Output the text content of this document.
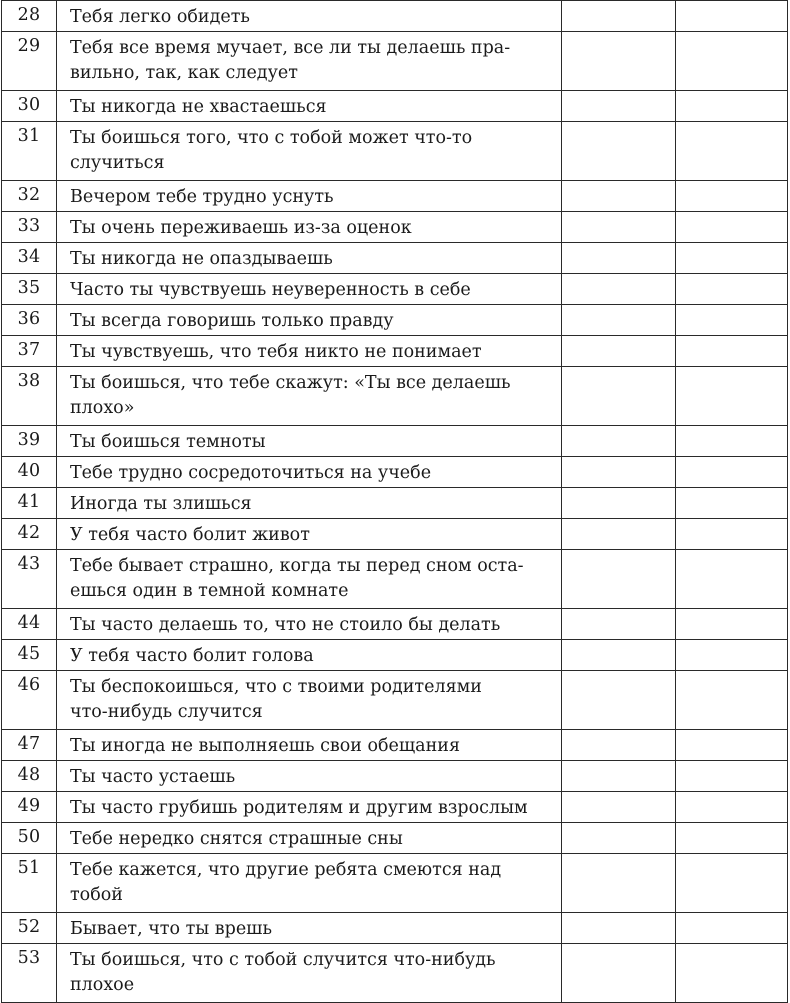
28	Тебя легко обидеть		

29	Тебя все время мучает, все ли ты делаешь пра-
вильно, так, как следует		

30	Ты никогда не хвастаешься		

31	Ты боишься того, что с тобой может что-то
случиться		

32	Вечером тебе трудно уснуть		

33	Ты очень переживаешь из-за оценок		

34	Ты никогда не опаздываешь		

35	Часто ты чувствуешь неуверенность в себе		

36	Ты всегда говоришь только правду		

37	Ты чувствуешь, что тебя никто не понимает		

38	Ты боишься, что тебе скажут: «Ты все делаешь
плохо»		

39	Ты боишься темноты		

40	Тебе трудно сосредоточиться на учебе		

41	Иногда ты злишься		

42	У тебя часто болит живот		

43	Тебе бывает страшно, когда ты перед сном оста-
ешься один в темной комнате		

44	Ты часто делаешь то, что не стоило бы делать		

45	У тебя часто болит голова		

46	Ты беспокоишься, что с твоими родителями
что-нибудь случится		

47	Ты иногда не выполняешь свои обещания		

48	Ты часто устаешь		

49	Ты часто грубишь родителям и другим взрослым		

50	Тебе нередко снятся страшные сны		

51	Тебе кажется, что другие ребята смеются над
тобой		

52	Бывает, что ты врешь		

53	Ты боишься, что с тобой случится что-нибудь
плохое		
